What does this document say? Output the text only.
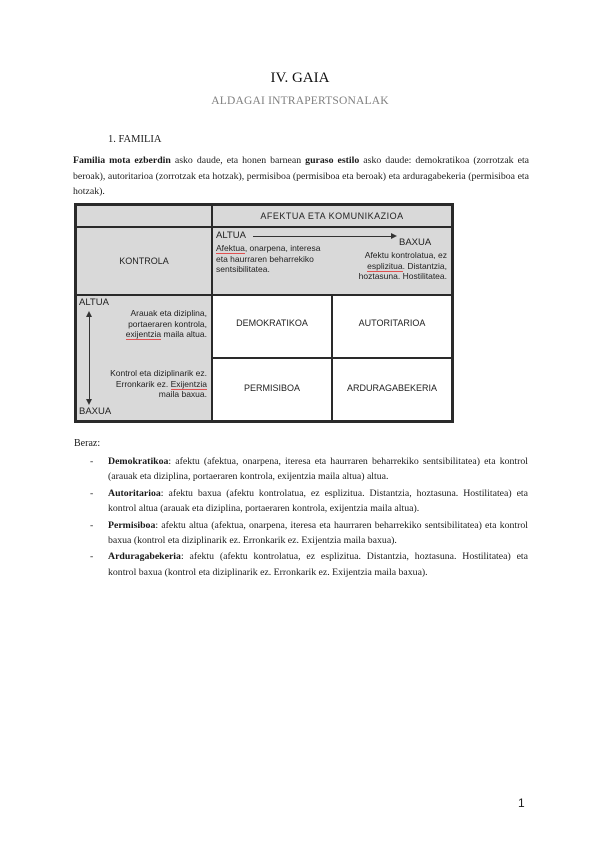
IV. GAIA
ALDAGAI INTRAPERTSONALAK
1. FAMILIA

Familia mota ezberdin asko daude, eta honen barnean guraso estilo asko daude: demokratikoa (zorrotzak eta beroak), autoritarioa (zorrotzak eta hotzak), permisiboa (permisiboa eta beroak) eta arduragabekeria (permisiboa eta hotzak).

AFEKTUA ETA KOMUNIKAZIOA
KONTROLA
ALTUA
BAXUA
Afektua, onarpena, interesa eta haurraren beharrekiko sentsibilitatea.
Afektu kontrolatua, ez esplizitua. Distantzia, hoztasuna. Hostilitatea.
ALTUA
BAXUA
Arauak eta diziplina, portaeraren kontrola, exijentzia maila altua.
Kontrol eta diziplinarik ez. Erronkarik ez. Exijentzia maila baxua.
DEMOKRATIKOA	AUTORITARIOA
PERMISIBOA	ARDURAGABEKERIA
Beraz:
- Demokratikoa: afektu (afektua, onarpena, iteresa eta haurraren beharrekiko sentsibilitatea) eta kontrol (arauak eta diziplina, portaeraren kontrola, exijentzia maila altua) altua.
- Autoritarioa: afektu baxua (afektu kontrolatua, ez esplizitua. Distantzia, hoztasuna. Hostilitatea) eta kontrol altua (arauak eta diziplina, portaeraren kontrola, exijentzia maila altua).
- Permisiboa: afektu altua (afektua, onarpena, iteresa eta haurraren beharrekiko sentsibilitatea) eta kontrol baxua (kontrol eta diziplinarik ez. Erronkarik ez. Exijentzia maila baxua).
- Arduragabekeria: afektu (afektu kontrolatua, ez esplizitua. Distantzia, hoztasuna. Hostilitatea) eta kontrol baxua (kontrol eta diziplinarik ez. Erronkarik ez. Exijentzia maila baxua).
1
